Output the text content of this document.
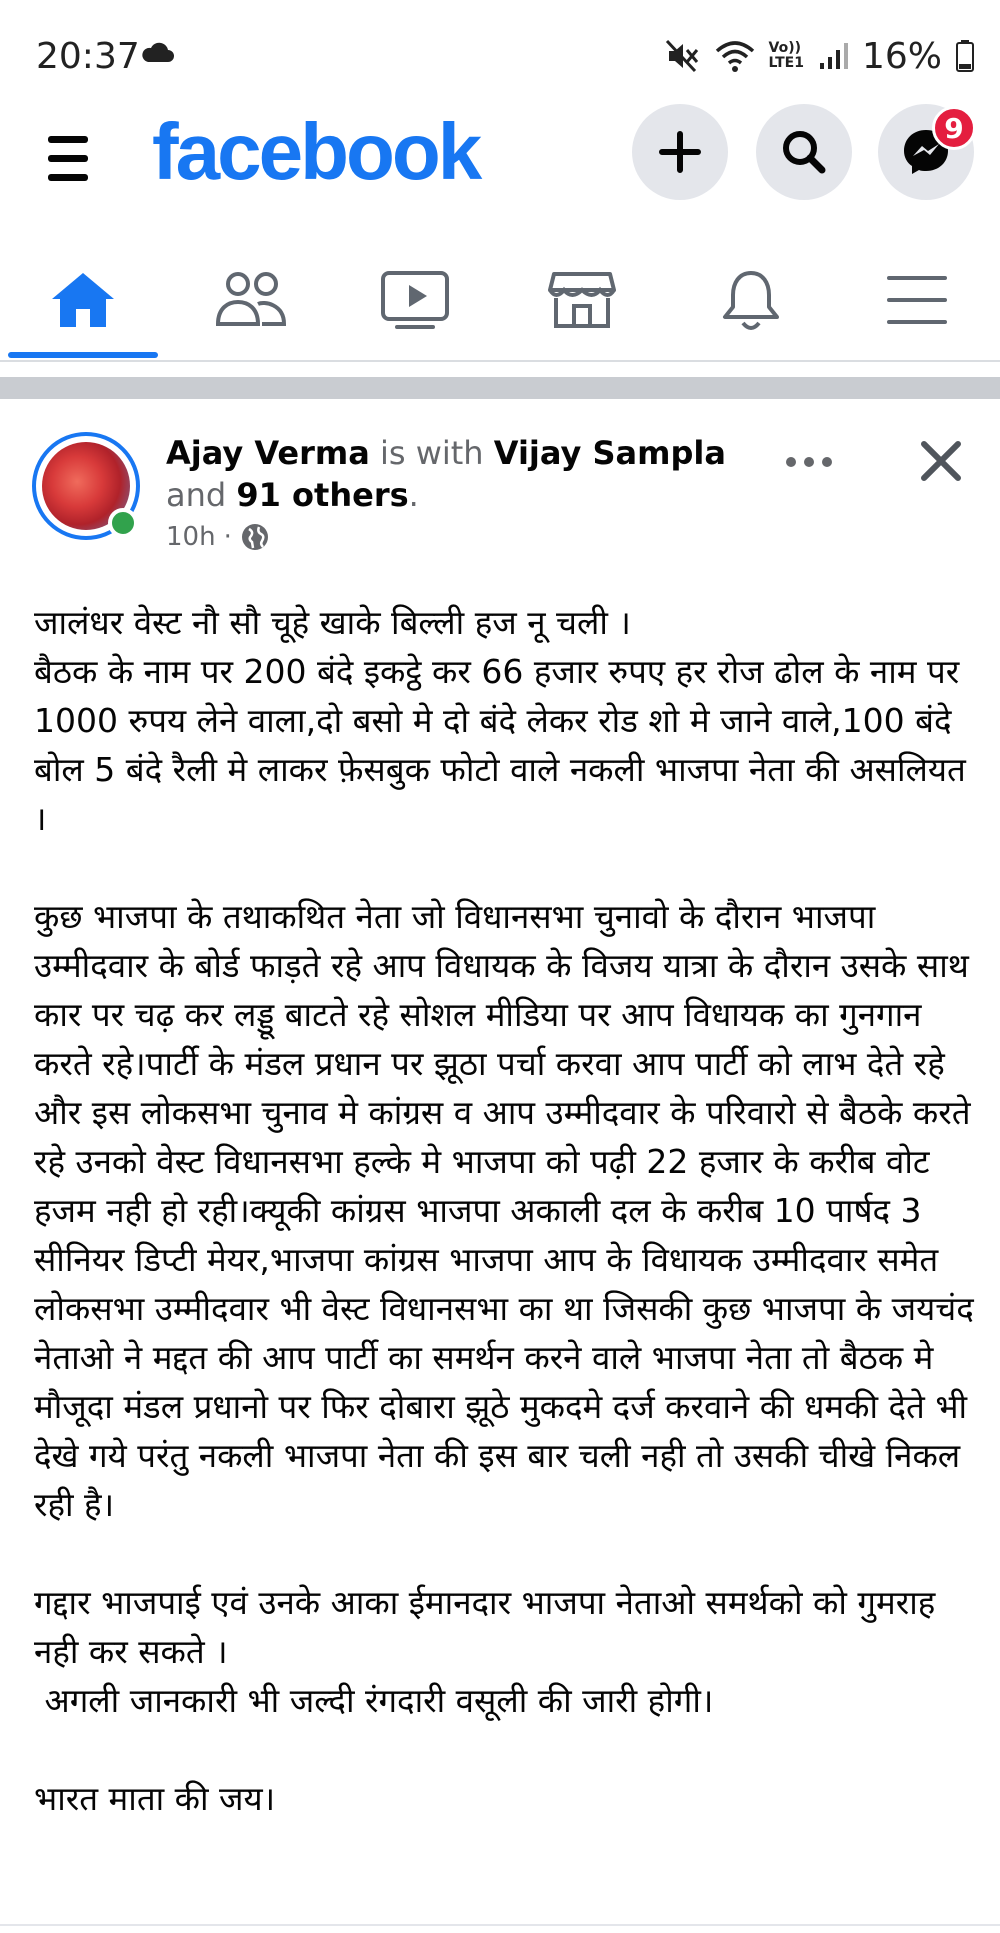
20:37	Vo))
LTE1 16%
facebook	9
Ajay Verma is with Vijay Sampla and 91 others.
10h ·
जालंधर वेस्ट नौ सौ चूहे खाके बिल्ली हज नू चली ।
बैठक के नाम पर 200 बंदे इकट्ठे कर 66 हजार रुपए हर रोज ढोल के नाम पर 1000 रुपय लेने वाला,दो बसो मे दो बंदे लेकर रोड शो मे जाने वाले,100 बंदे बोल 5 बंदे रैली मे लाकर फ़ेसबुक फोटो वाले नकली भाजपा नेता की असलियत ।

कुछ भाजपा के तथाकथित नेता जो विधानसभा चुनावो के दौरान भाजपा उम्मीदवार के बोर्ड फाड़ते रहे आप विधायक के विजय यात्रा के दौरान उसके साथ कार पर चढ़ कर लड्डू बाटते रहे सोशल मीडिया पर आप विधायक का गुनगान करते रहे।पार्टी के मंडल प्रधान पर झूठा पर्चा करवा आप पार्टी को लाभ देते रहे और इस लोकसभा चुनाव मे कांग्रस व आप उम्मीदवार के परिवारो से बैठके करते रहे उनको वेस्ट विधानसभा हल्के मे भाजपा को पढ़ी 22 हजार के करीब वोट हजम नही हो रही।क्यूकी कांग्रस भाजपा अकाली दल के करीब 10 पार्षद 3 सीनियर डिप्टी मेयर,भाजपा कांग्रस भाजपा आप के विधायक उम्मीदवार समेत लोकसभा उम्मीदवार भी वेस्ट विधानसभा का था जिसकी कुछ भाजपा के जयचंद नेताओ ने मद्दत की आप पार्टी का समर्थन करने वाले भाजपा नेता तो बैठक मे मौजूदा मंडल प्रधानो पर फिर दोबारा झूठे मुकदमे दर्ज करवाने की धमकी देते भी देखे गये परंतु नकली भाजपा नेता की इस बार चली नही तो उसकी चीखे निकल रही है।

गद्दार भाजपाई एवं उनके आका ईमानदार भाजपा नेताओ समर्थको को गुमराह नही कर सकते ।
अगली जानकारी भी जल्दी रंगदारी वसूली की जारी होगी।

भारत माता की जय।
